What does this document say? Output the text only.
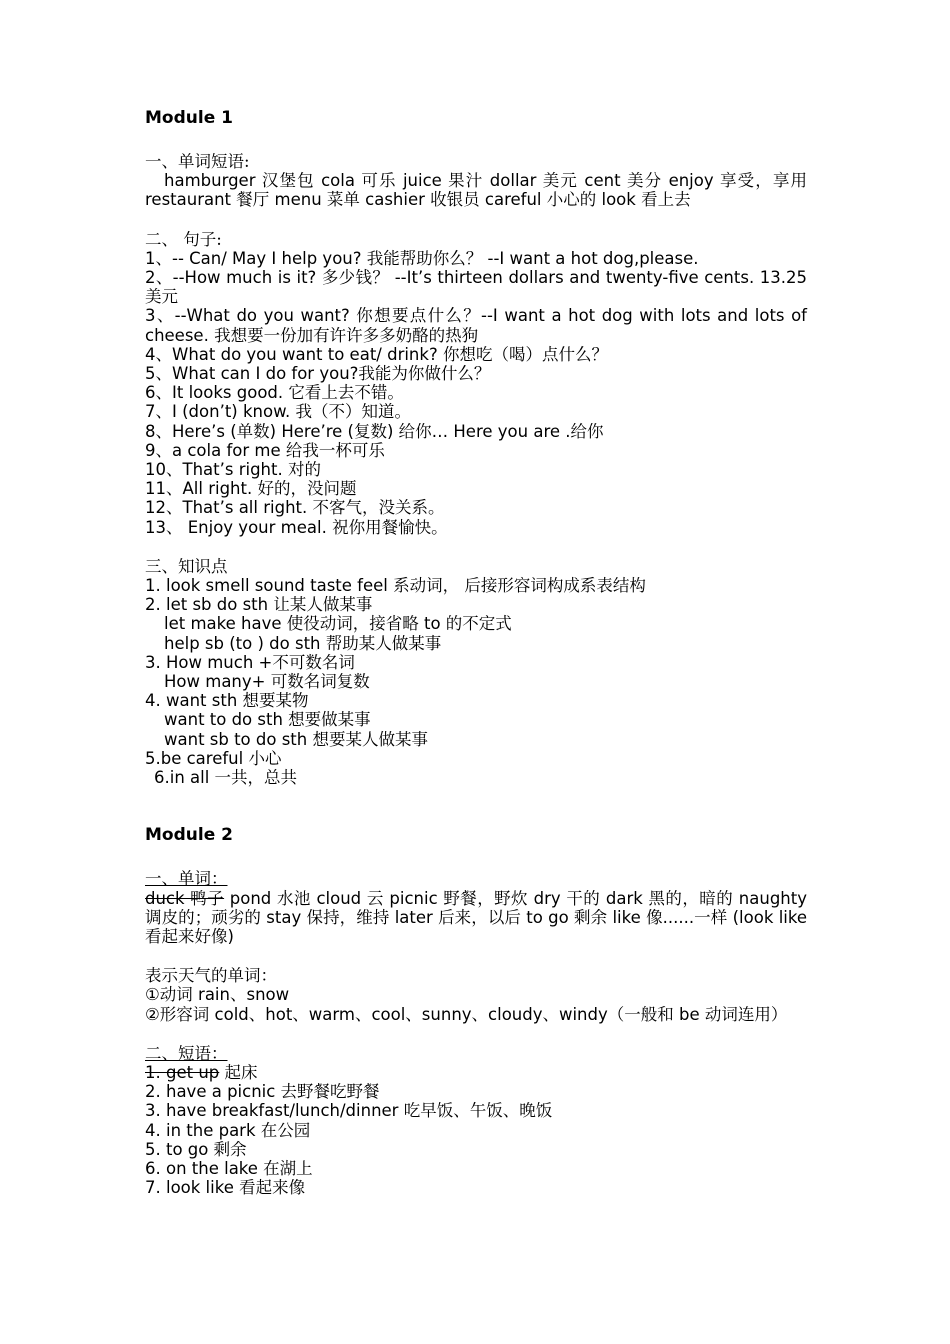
Module 1

一、单词短语:

hamburger 汉堡包 cola 可乐 juice 果汁 dollar 美元 cent 美分 enjoy 享受，享用 restaurant 餐厅 menu 菜单 cashier 收银员 careful 小心的 look 看上去

二、 句子:

1、-- Can/ May I help you? 我能帮助你么？ --I want a hot dog,please.

2、--How much is it? 多少钱？ --It’s thirteen dollars and twenty-five cents. 13.25 美元

3、--What do you want? 你想要点什么？--I want a hot dog with lots and lots of cheese. 我想要一份加有许许多多奶酪的热狗

4、What do you want to eat/ drink? 你想吃（喝）点什么？

5、What can I do for you?我能为你做什么？

6、It looks good. 它看上去不错。

7、I (don’t) know. 我（不）知道。

8、Here’s (单数) Here’re (复数) 给你… Here you are .给你

9、a cola for me 给我一杯可乐

10、That’s right. 对的

11、All right. 好的，没问题

12、That’s all right. 不客气，没关系。

13、 Enjoy your meal. 祝你用餐愉快。

三、知识点

1. look smell sound taste feel 系动词， 后接形容词构成系表结构

2. let sb do sth 让某人做某事

let make have 使役动词，接省略 to 的不定式

help sb (to ) do sth 帮助某人做某事

3. How much +不可数名词

How many+ 可数名词复数

4. want sth 想要某物

want to do sth 想要做某事

want sb to do sth 想要某人做某事

5.be careful 小心

6.in all 一共，总共

Module 2

一、单词：

duck 鸭子 pond 水池 cloud 云 picnic 野餐，野炊 dry 干的 dark 黑的，暗的 naughty 调皮的；顽劣的 stay 保持，维持 later 后来，以后 to go 剩余 like 像......一样 (look like 看起来好像)

表示天气的单词：

①动词 rain、snow

②形容词 cold、hot、warm、cool、sunny、cloudy、windy（一般和 be 动词连用）

二、短语：

1. get up 起床

2. have a picnic 去野餐吃野餐

3. have breakfast/lunch/dinner 吃早饭、午饭、晚饭

4. in the park 在公园

5. to go 剩余

6. on the lake 在湖上

7. look like 看起来像
